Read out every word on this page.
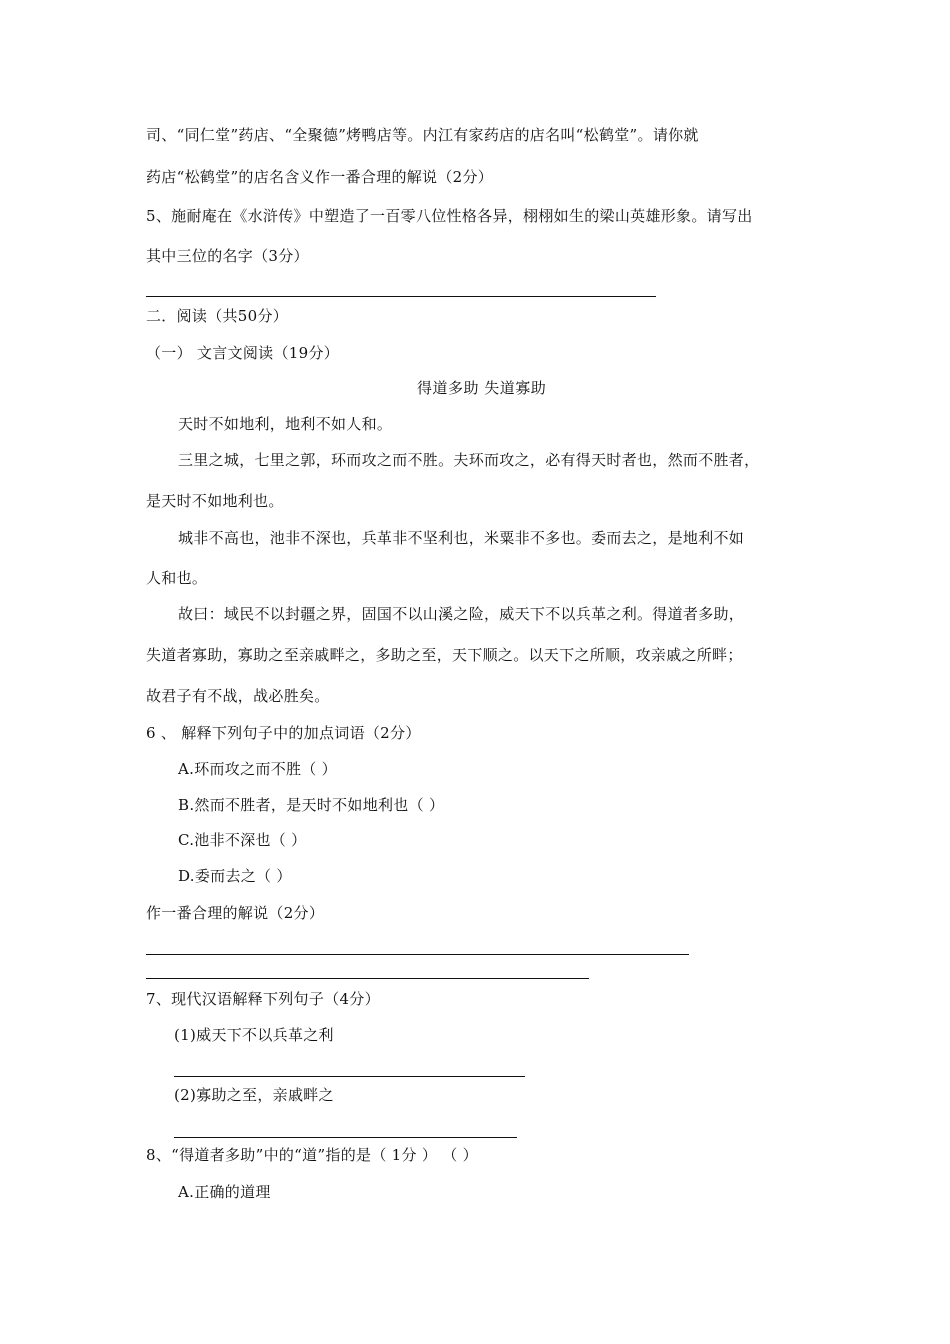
司、“同仁堂”药店、“全聚德”烤鸭店等。内江有家药店的店名叫“松鹤堂”。请你就
药店“松鹤堂”的店名含义作一番合理的解说（2分）
5、施耐庵在《水浒传》中塑造了一百零八位性格各异，栩栩如生的梁山英雄形象。请写出
其中三位的名字（3分）
二．阅读（共50分）
（一） 文言文阅读（19分）
得道多助 失道寡助
天时不如地利，地利不如人和。
三里之城，七里之郭，环而攻之而不胜。夫环而攻之，必有得天时者也，然而不胜者，
是天时不如地利也。
城非不高也，池非不深也，兵革非不坚利也，米粟非不多也。委而去之，是地利不如
人和也。
故曰：域民不以封疆之界，固国不以山溪之险，威天下不以兵革之利。得道者多助，
失道者寡助，寡助之至亲戚畔之，多助之至，天下顺之。以天下之所顺，攻亲戚之所畔；
故君子有不战，战必胜矣。
6 、 解释下列句子中的加点词语（2分）
A.环而攻之而不胜（ ）
B.然而不胜者，是天时不如地利也（ ）
C.池非不深也（ ）
D.委而去之（ ）
作一番合理的解说（2分）
7、现代汉语解释下列句子（4分）
(1)威天下不以兵革之利
(2)寡助之至，亲戚畔之
8、“得道者多助”中的“道”指的是（ 1分 ） （ ）
A.正确的道理
